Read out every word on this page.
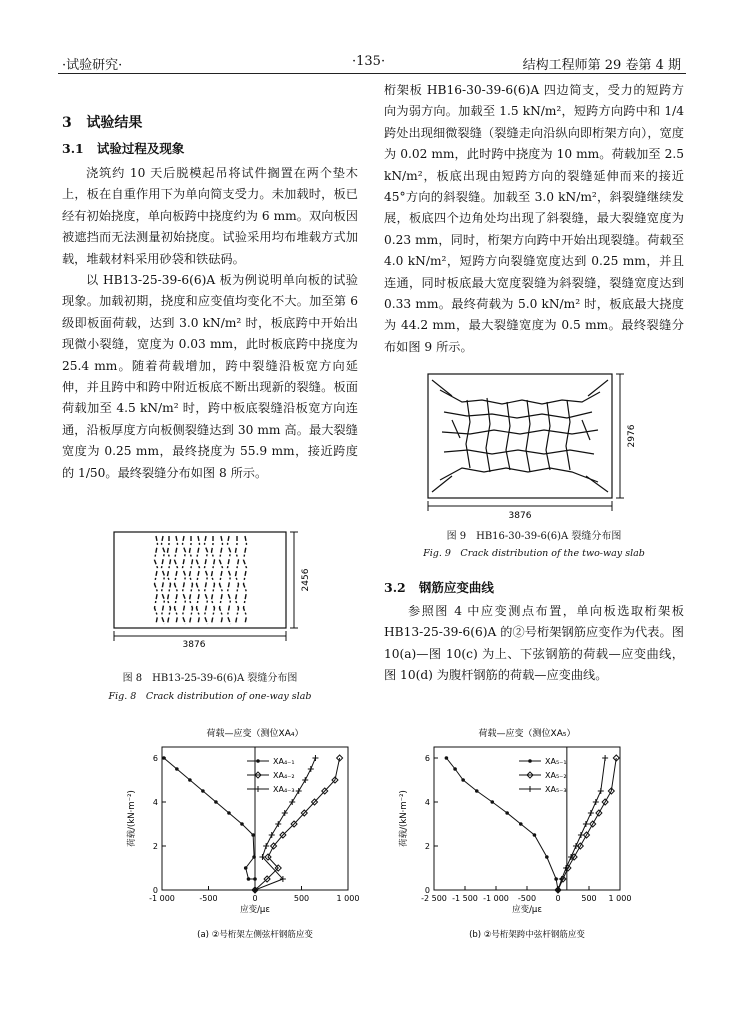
·试验研究·	·135·	结构工程师第 29 卷第 4 期
3 试验结果
3.1 试验过程及现象

浇筑约 10 天后脱模起吊将试件搁置在两个垫木上，板在自重作用下为单向简支受力。未加载时，板已经有初始挠度，单向板跨中挠度约为 6 mm。双向板因被遮挡而无法测量初始挠度。试验采用均布堆载方式加载，堆载材料采用砂袋和铁砝码。

以 HB13-25-39-6(6)A 板为例说明单向板的试验现象。加载初期，挠度和应变值均变化不大。加至第 6 级即板面荷载，达到 3.0 kN/m² 时，板底跨中开始出现微小裂缝，宽度为 0.03 mm，此时板底跨中挠度为 25.4 mm。随着荷载增加，跨中裂缝沿板宽方向延伸，并且跨中和跨中附近板底不断出现新的裂缝。板面荷载加至 4.5 kN/m² 时，跨中板底裂缝沿板宽方向连通，沿板厚度方向板侧裂缝达到 30 mm 高。最大裂缝宽度为 0.25 mm，最终挠度为 55.9 mm，接近跨度的 1/50。最终裂缝分布如图 8 所示。

3876
2456
图 8　HB13-25-39-6(6)A 裂缝分布图
Fig. 8　Crack distribution of one-way slab

桁架板 HB16-30-39-6(6)A 四边简支，受力的短跨方向为弱方向。加载至 1.5 kN/m²，短跨方向跨中和 1/4 跨处出现细微裂缝（裂缝走向沿纵向即桁架方向），宽度为 0.02 mm，此时跨中挠度为 10 mm。荷载加至 2.5 kN/m²，板底出现由短跨方向的裂缝延伸而来的接近 45°方向的斜裂缝。加载至 3.0 kN/m²，斜裂缝继续发展，板底四个边角处均出现了斜裂缝，最大裂缝宽度为 0.23 mm，同时，桁架方向跨中开始出现裂缝。荷载至 4.0 kN/m²，短跨方向裂缝宽度达到 0.25 mm，并且连通，同时板底最大宽度裂缝为斜裂缝，裂缝宽度达到 0.33 mm。最终荷载为 5.0 kN/m² 时，板底最大挠度为 44.2 mm，最大裂缝宽度为 0.5 mm。最终裂缝分布如图 9 所示。

3876
2976
图 9　HB16-30-39-6(6)A 裂缝分布图
Fig. 9　Crack distribution of the two-way slab
3.2 钢筋应变曲线

参照图 4 中应变测点布置，单向板选取桁架板 HB13-25-39-6(6)A 的②号桁架钢筋应变作为代表。图 10(a)—图 10(c) 为上、下弦钢筋的荷载—应变曲线，图 10(d) 为腹杆钢筋的荷载—应变曲线。

荷载—应变（测位XA₄）
0
2
4
6
-1 000	-500	0	500	1 000
应变/με
荷载/(kN·m⁻²)
XA₄₋₁
XA₄₋₂
XA₄₋₃
(a) ②号桁架左侧弦杆钢筋应变
荷载—应变（测位XA₅）
0
2
4
6
-2 500 -1 500 -1 000 -500 0	500 1 000
应变/με
荷载/(kN·m⁻²)
XA₅₋₁
XA₅₋₂
XA₅₋₃
(b) ②号桁架跨中弦杆钢筋应变
